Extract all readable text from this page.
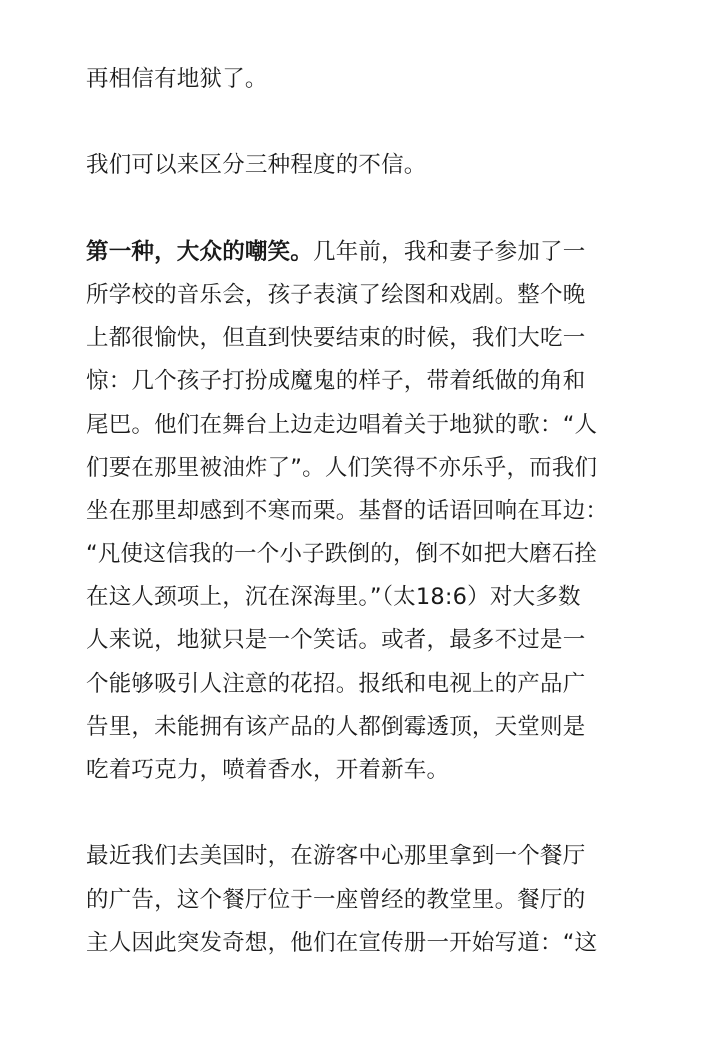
再相信有地狱了。

我们可以来区分三种程度的不信。

第一种，大众的嘲笑。几年前，我和妻子参加了一
所学校的音乐会，孩子表演了绘图和戏剧。整个晚
上都很愉快，但直到快要结束的时候，我们大吃一
惊：几个孩子打扮成魔鬼的样子，带着纸做的角和
尾巴。他们在舞台上边走边唱着关于地狱的歌：“人
们要在那里被油炸了”。人们笑得不亦乐乎，而我们
坐在那里却感到不寒而栗。基督的话语回响在耳边：
“凡使这信我的一个小子跌倒的，倒不如把大磨石拴
在这人颈项上，沉在深海里。”（太18:6）对大多数
人来说，地狱只是一个笑话。或者，最多不过是一
个能够吸引人注意的花招。报纸和电视上的产品广
告里，未能拥有该产品的人都倒霉透顶，天堂则是
吃着巧克力，喷着香水，开着新车。

最近我们去美国时，在游客中心那里拿到一个餐厅
的广告，这个餐厅位于一座曾经的教堂里。餐厅的
主人因此突发奇想，他们在宣传册一开始写道：“这
